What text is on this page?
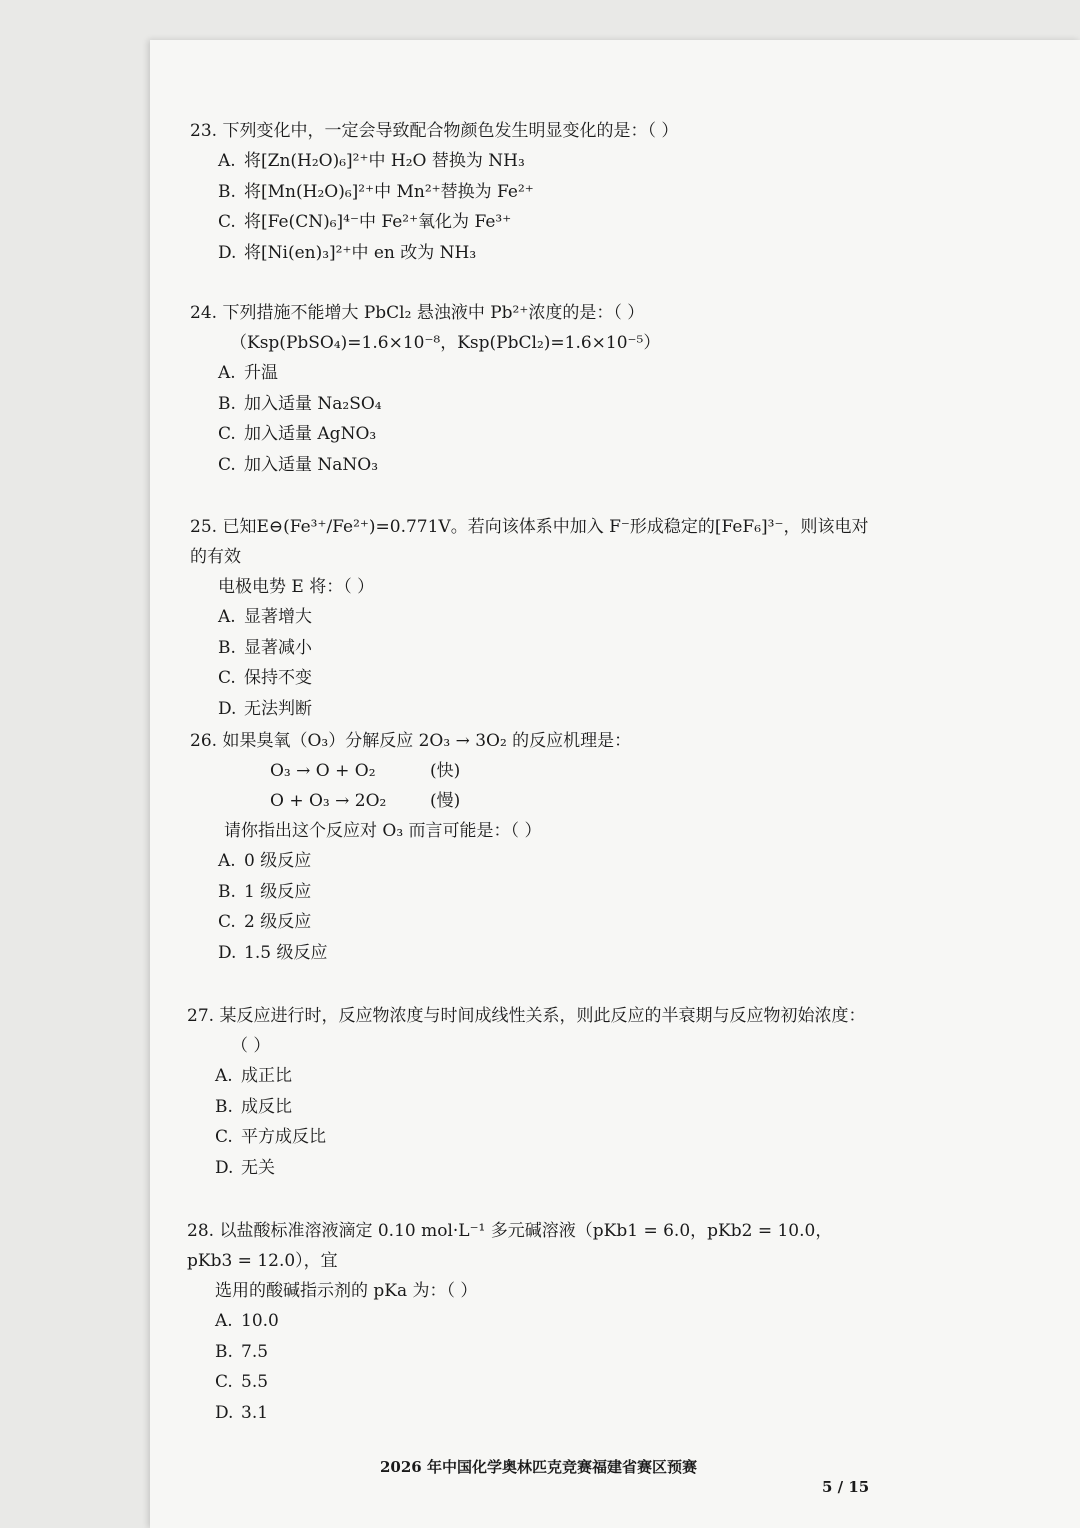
23. 下列变化中，一定会导致配合物颜色发生明显变化的是：（ ）

A. 将[Zn(H₂O)₆]²⁺中 H₂O 替换为 NH₃
B. 将[Mn(H₂O)₆]²⁺中 Mn²⁺替换为 Fe²⁺
C. 将[Fe(CN)₆]⁴⁻中 Fe²⁺氧化为 Fe³⁺
D. 将[Ni(en)₃]²⁺中 en 改为 NH₃

24. 下列措施不能增大 PbCl₂ 悬浊液中 Pb²⁺浓度的是：（ ）

（Ksp(PbSO₄)=1.6×10⁻⁸，Ksp(PbCl₂)=1.6×10⁻⁵）
A. 升温
B. 加入适量 Na₂SO₄
C. 加入适量 AgNO₃
C. 加入适量 NaNO₃

25. 已知E⊖(Fe³⁺/Fe²⁺)=0.771V。若向该体系中加入 F⁻形成稳定的[FeF₆]³⁻，则该电对的有效

电极电势 E 将：（ ）

A. 显著增大
B. 显著减小
C. 保持不变
D. 无法判断

26. 如果臭氧（O₃）分解反应 2O₃ → 3O₂ 的反应机理是：

O₃ → O + O₂	(快)
O + O₃ → 2O₂	(慢)
请你指出这个反应对 O₃ 而言可能是：（ ）
A. 0 级反应
B. 1 级反应
C. 2 级反应
D. 1.5 级反应

27. 某反应进行时，反应物浓度与时间成线性关系，则此反应的半衰期与反应物初始浓度：

（ ）

A. 成正比
B. 成反比
C. 平方成反比
D. 无关

28. 以盐酸标准溶液滴定 0.10 mol·L⁻¹ 多元碱溶液（pKb1 = 6.0，pKb2 = 10.0，pKb3 = 12.0），宜

选用的酸碱指示剂的 pKa 为：（ ）

A. 10.0
B. 7.5
C. 5.5
D. 3.1
2026 年中国化学奥林匹克竞赛福建省赛区预赛
5 / 15
